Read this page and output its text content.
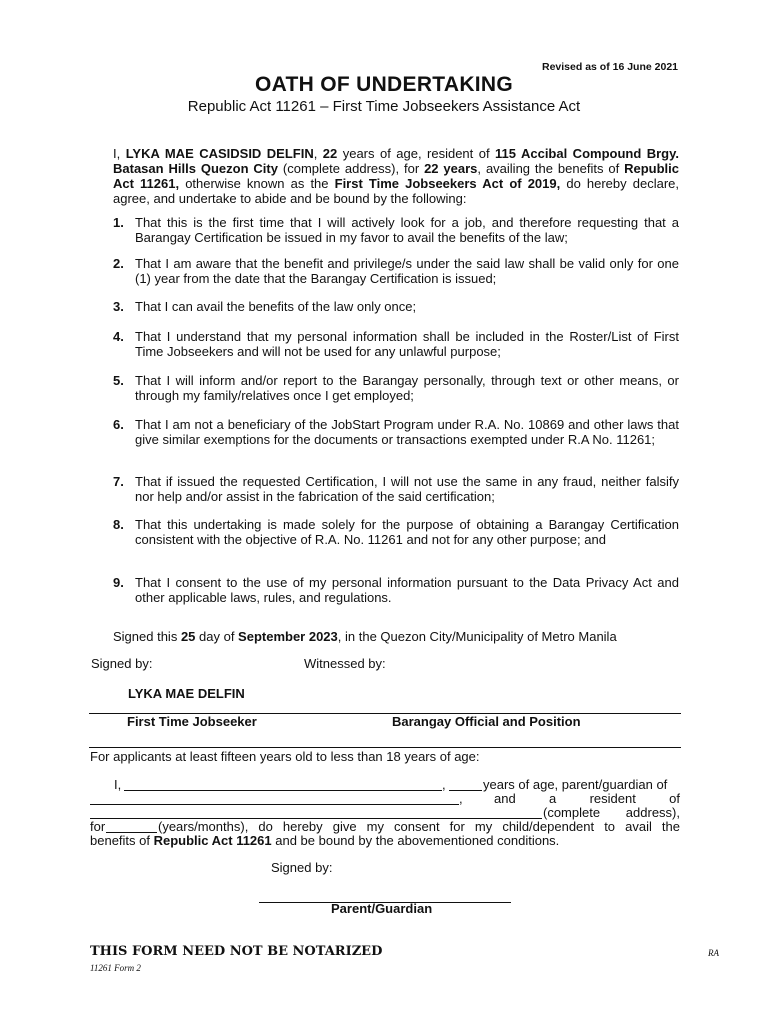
Revised as of 16 June 2021
OATH OF UNDERTAKING
Republic Act 11261 – First Time Jobseekers Assistance Act
I, LYKA MAE CASIDSID DELFIN, 22 years of age, resident of 115 Accibal Compound Brgy. Batasan Hills Quezon City (complete address), for 22 years, availing the benefits of Republic Act 11261, otherwise known as the First Time Jobseekers Act of 2019, do hereby declare, agree, and undertake to abide and be bound by the following:
1. That this is the first time that I will actively look for a job, and therefore requesting that a Barangay Certification be issued in my favor to avail the benefits of the law;
2. That I am aware that the benefit and privilege/s under the said law shall be valid only for one (1) year from the date that the Barangay Certification is issued;
3. That I can avail the benefits of the law only once;
4. That I understand that my personal information shall be included in the Roster/List of First Time Jobseekers and will not be used for any unlawful purpose;
5. That I will inform and/or report to the Barangay personally, through text or other means, or through my family/relatives once I get employed;
6. That I am not a beneficiary of the JobStart Program under R.A. No. 10869 and other laws that give similar exemptions for the documents or transactions exempted under R.A No. 11261;
7. That if issued the requested Certification, I will not use the same in any fraud, neither falsify nor help and/or assist in the fabrication of the said certification;
8. That this undertaking is made solely for the purpose of obtaining a Barangay Certification consistent with the objective of R.A. No. 11261 and not for any other purpose; and
9. That I consent to the use of my personal information pursuant to the Data Privacy Act and other applicable laws, rules, and regulations.
Signed this 25 day of September 2023, in the Quezon City/Municipality of Metro Manila
Signed by:	Witnessed by:
LYKA MAE DELFIN
First Time Jobseeker	Barangay Official and Position
For applicants at least fifteen years old to less than 18 years of age:
I,	,	years of age, parent/guardian of
, and a resident of
(complete address),
for	(years/months), do hereby give my consent for my child/dependent to avail the
benefits of Republic Act 11261 and be bound by the abovementioned conditions.
Signed by:
Parent/Guardian
THIS FORM NEED NOT BE NOTARIZED	RA
11261 Form 2
